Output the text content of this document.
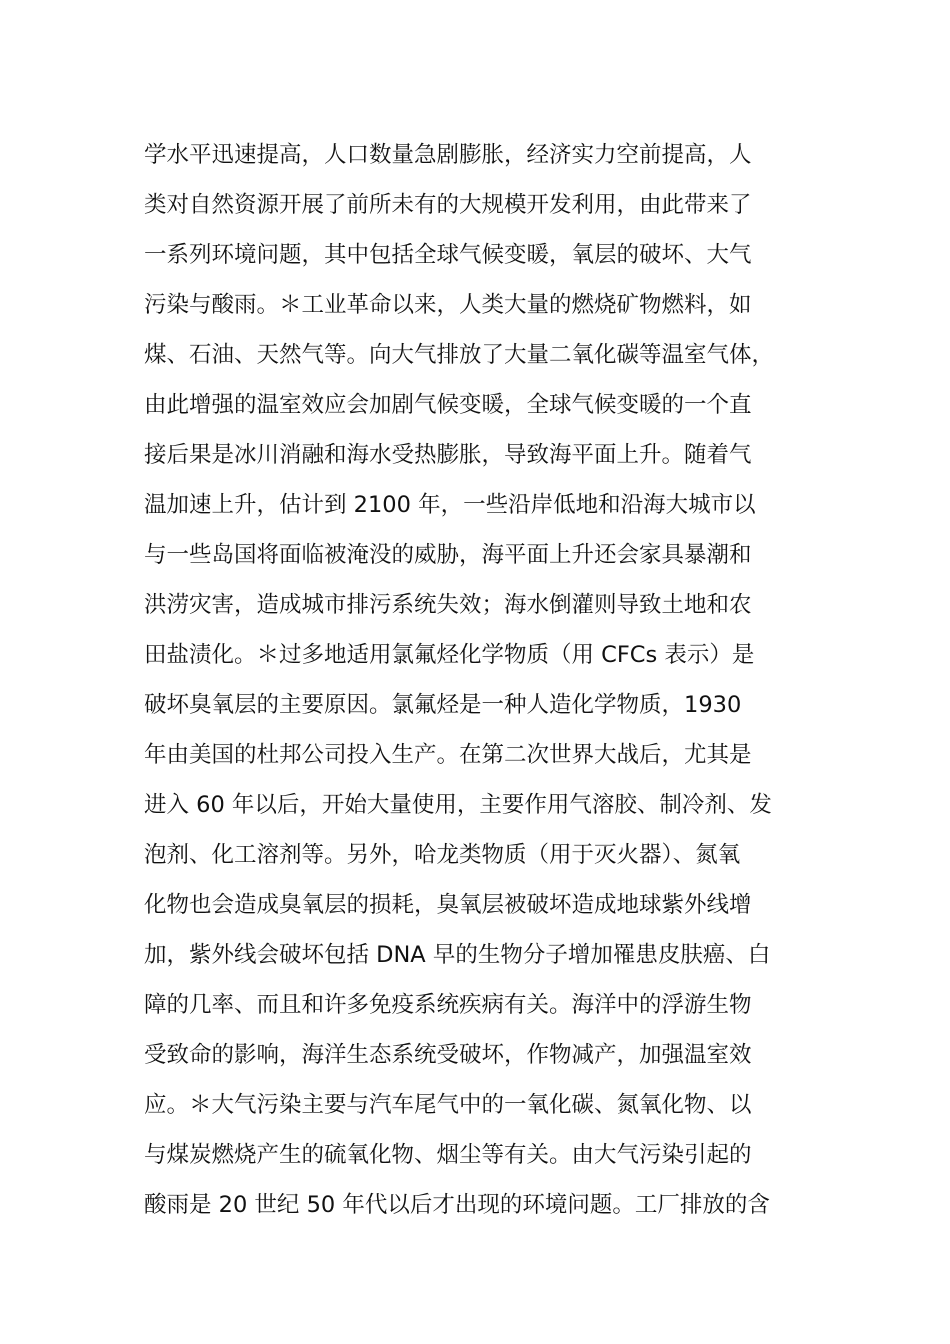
学水平迅速提高，人口数量急剧膨胀，经济实力空前提高，人
类对自然资源开展了前所未有的大规模开发利用，由此带来了
一系列环境问题，其中包括全球气候变暖，氧层的破坏、大气
污染与酸雨。＊工业革命以来，人类大量的燃烧矿物燃料，如
煤、石油、天然气等。向大气排放了大量二氧化碳等温室气体，
由此增强的温室效应会加剧气候变暖，全球气候变暖的一个直
接后果是冰川消融和海水受热膨胀，导致海平面上升。随着气
温加速上升，估计到 2100 年，一些沿岸低地和沿海大城市以
与一些岛国将面临被淹没的威胁，海平面上升还会家具暴潮和
洪涝灾害，造成城市排污系统失效；海水倒灌则导致土地和农
田盐渍化。＊过多地适用氯氟烃化学物质（用 CFCs 表示）是
破坏臭氧层的主要原因。氯氟烃是一种人造化学物质，1930
年由美国的杜邦公司投入生产。在第二次世界大战后，尤其是
进入 60 年以后，开始大量使用，主要作用气溶胶、制冷剂、发
泡剂、化工溶剂等。另外，哈龙类物质（用于灭火器）、氮氧
化物也会造成臭氧层的损耗，臭氧层被破坏造成地球紫外线增
加，紫外线会破坏包括 DNA 早的生物分子增加罹患皮肤癌、白
障的几率、而且和许多免疫系统疾病有关。海洋中的浮游生物
受致命的影响，海洋生态系统受破坏，作物减产，加强温室效
应。＊大气污染主要与汽车尾气中的一氧化碳、氮氧化物、以
与煤炭燃烧产生的硫氧化物、烟尘等有关。由大气污染引起的
酸雨是 20 世纪 50 年代以后才出现的环境问题。工厂排放的含
